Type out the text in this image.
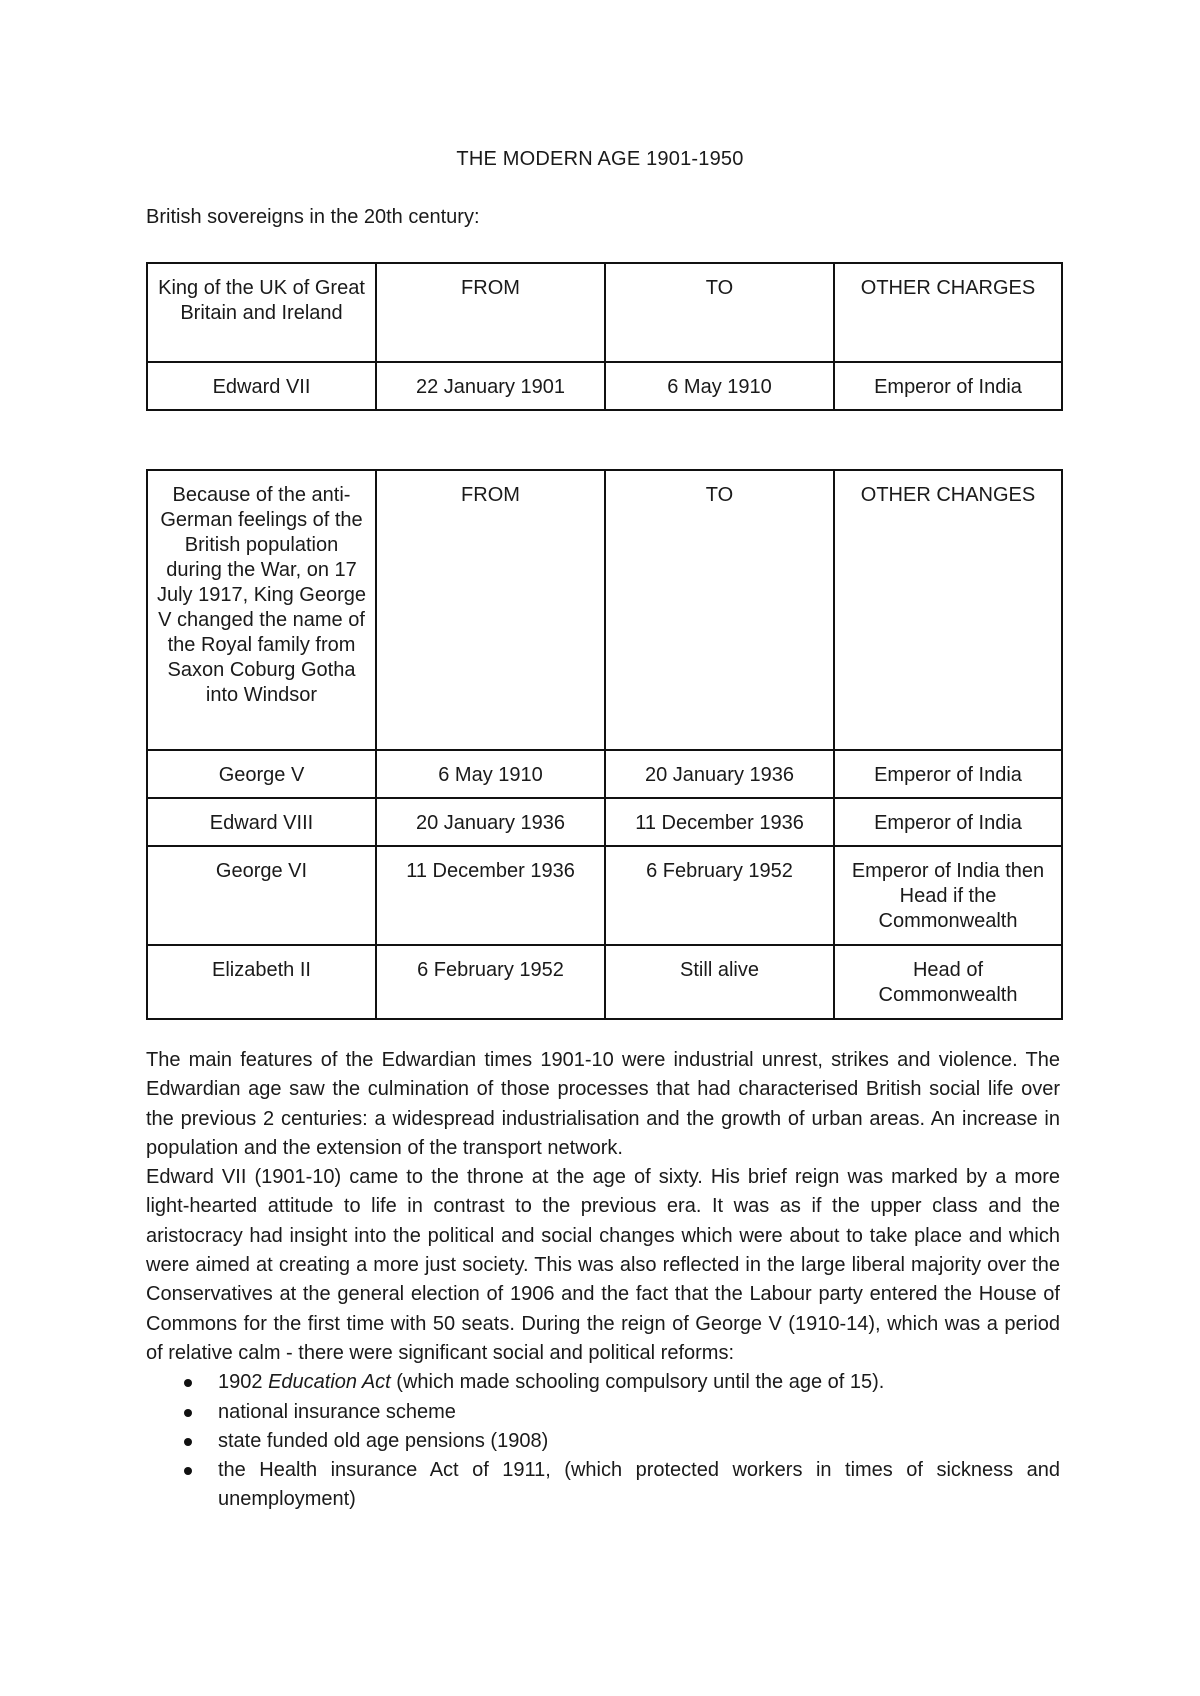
THE MODERN AGE 1901-1950
British sovereigns in the 20th century:
King of the UK of Great Britain and Ireland	FROM	TO	OTHER CHARGES
Edward VII	22 January 1901	6 May 1910	Emperor of India
Because of the anti-German feelings of the British population during the War, on 17 July 1917, King George V changed the name of the Royal family from Saxon Coburg Gotha into Windsor	FROM	TO	OTHER CHANGES
George V	6 May 1910	20 January 1936	Emperor of India
Edward VIII	20 January 1936	11 December 1936	Emperor of India
George VI	11 December 1936	6 February 1952	Emperor of India then Head if the Commonwealth
Elizabeth II	6 February 1952	Still alive	Head of Commonwealth

The main features of the Edwardian times 1901-10 were industrial unrest, strikes and violence. The Edwardian age saw the culmination of those processes that had characterised British social life over the previous 2 centuries: a widespread industrialisation and the growth of urban areas. An increase in population and the extension of the transport network.

Edward VII (1901-10) came to the throne at the age of sixty. His brief reign was marked by a more light-hearted attitude to life in contrast to the previous era. It was as if the upper class and the aristocracy had insight into the political and social changes which were about to take place and which were aimed at creating a more just society. This was also reflected in the large liberal majority over the Conservatives at the general election of 1906 and the fact that the Labour party entered the House of Commons for the first time with 50 seats. During the reign of George V (1910-14), which was a period of relative calm - there were significant social and political reforms:

1902 Education Act (which made schooling compulsory until the age of 15).
national insurance scheme
state funded old age pensions (1908)
the Health insurance Act of 1911, (which protected workers in times of sickness and unemployment)
